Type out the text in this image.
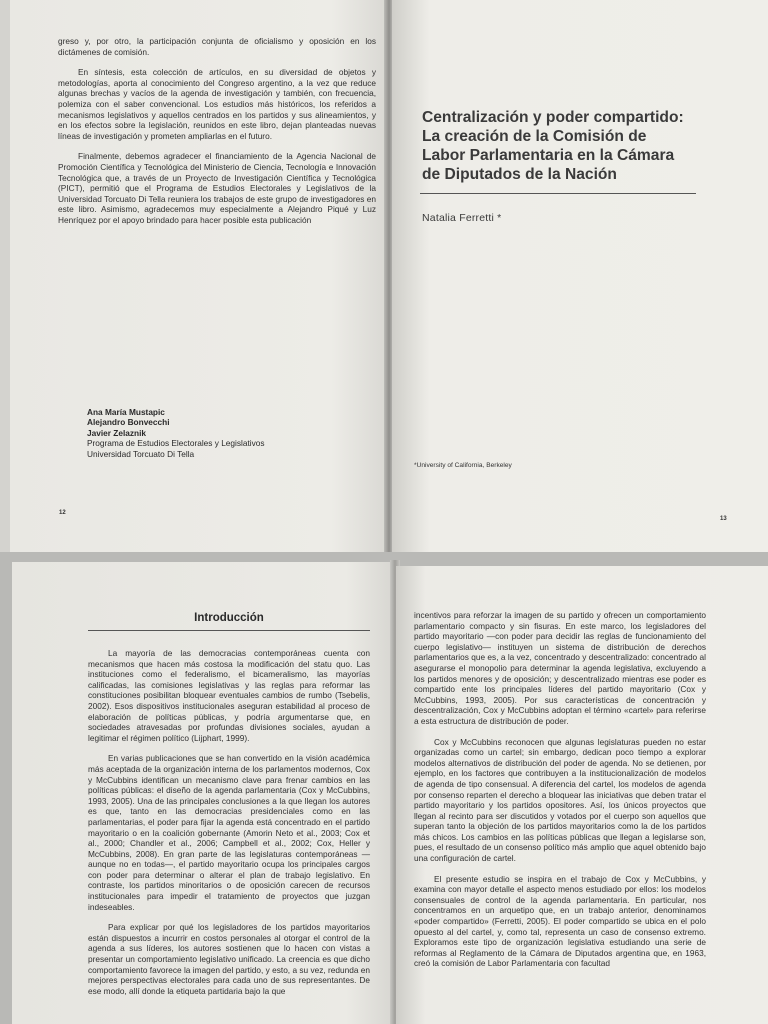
greso y, por otro, la participación conjunta de oficialismo y oposición en los dictámenes de comisión.

En síntesis, esta colección de artículos, en su diversidad de objetos y metodologías, aporta al conocimiento del Congreso argentino, a la vez que reduce algunas brechas y vacíos de la agenda de investigación y también, con frecuencia, polemiza con el saber convencional. Los estudios más históricos, los referidos a mecanismos legislativos y aquellos centrados en los partidos y sus alineamientos, y en los efectos sobre la legislación, reunidos en este libro, dejan planteadas nuevas líneas de investigación y prometen ampliarlas en el futuro.

Finalmente, debemos agradecer el financiamiento de la Agencia Nacional de Promoción Científica y Tecnológica del Ministerio de Ciencia, Tecnología e Innovación Tecnológica que, a través de un Proyecto de Investigación Científica y Tecnológica (PICT), permitió que el Programa de Estudios Electorales y Legislativos de la Universidad Torcuato Di Tella reuniera los trabajos de este grupo de investigadores en este libro. Asimismo, agradecemos muy especialmente a Alejandro Piqué y Luz Henríquez por el apoyo brindado para hacer posible esta publicación

Ana María Mustapic
Alejandro Bonvecchi
Javier Zelaznik
Programa de Estudios Electorales y Legislativos
Universidad Torcuato Di Tella
12
Centralización y poder compartido: La creación de la Comisión de Labor Parlamentaria en la Cámara de Diputados de la Nación
Natalia Ferretti *
*University of California, Berkeley
13
Introducción

La mayoría de las democracias contemporáneas cuenta con mecanismos que hacen más costosa la modificación del statu quo. Las instituciones como el federalismo, el bicameralismo, las mayorías calificadas, las comisiones legislativas y las reglas para reformar las constituciones posibilitan bloquear eventuales cambios de rumbo (Tsebelis, 2002). Esos dispositivos institucionales aseguran estabilidad al proceso de elaboración de políticas públicas, y podría argumentarse que, en sociedades atravesadas por profundas divisiones sociales, ayudan a legitimar el régimen político (Lijphart, 1999).

En varias publicaciones que se han convertido en la visión académica más aceptada de la organización interna de los parlamentos modernos, Cox y McCubbins identifican un mecanismo clave para frenar cambios en las políticas públicas: el diseño de la agenda parlamentaria (Cox y McCubbins, 1993, 2005). Una de las principales conclusiones a la que llegan los autores es que, tanto en las democracias presidenciales como en las parlamentarias, el poder para fijar la agenda está concentrado en el partido mayoritario o en la coalición gobernante (Amorin Neto et al., 2003; Cox et al., 2000; Chandler et al., 2006; Campbell et al., 2002; Cox, Heller y McCubbins, 2008). En gran parte de las legislaturas contemporáneas —aunque no en todas—, el partido mayoritario ocupa los principales cargos con poder para determinar o alterar el plan de trabajo legislativo. En contraste, los partidos minoritarios o de oposición carecen de recursos institucionales para impedir el tratamiento de proyectos que juzgan indeseables.

Para explicar por qué los legisladores de los partidos mayoritarios están dispuestos a incurrir en costos personales al otorgar el control de la agenda a sus líderes, los autores sostienen que lo hacen con vistas a presentar un comportamiento legislativo unificado. La creencia es que dicho comportamiento favorece la imagen del partido, y esto, a su vez, redunda en mejores perspectivas electorales para cada uno de sus representantes. De ese modo, allí donde la etiqueta partidaria bajo la que

incentivos para reforzar la imagen de su partido y ofrecen un comportamiento parlamentario compacto y sin fisuras. En este marco, los legisladores del partido mayoritario —con poder para decidir las reglas de funcionamiento del cuerpo legislativo— instituyen un sistema de distribución de derechos parlamentarios que es, a la vez, concentrado y descentralizado: concentrado al asegurarse el monopolio para determinar la agenda legislativa, excluyendo a los partidos menores y de oposición; y descentralizado mientras ese poder es compartido ente los principales líderes del partido mayoritario (Cox y McCubbins, 1993, 2005). Por sus características de concentración y descentralización, Cox y McCubbins adoptan el término «cartel» para referirse a esta estructura de distribución de poder.

Cox y McCubbins reconocen que algunas legislaturas pueden no estar organizadas como un cartel; sin embargo, dedican poco tiempo a explorar modelos alternativos de distribución del poder de agenda. No se detienen, por ejemplo, en los factores que contribuyen a la institucionalización de modelos de agenda de tipo consensual. A diferencia del cartel, los modelos de agenda por consenso reparten el derecho a bloquear las iniciativas que deben tratar el partido mayoritario y los partidos opositores. Así, los únicos proyectos que llegan al recinto para ser discutidos y votados por el cuerpo son aquellos que superan tanto la objeción de los partidos mayoritarios como la de los partidos más chicos. Los cambios en las políticas públicas que llegan a legislarse son, pues, el resultado de un consenso político más amplio que aquel obtenido bajo una configuración de cartel.

El presente estudio se inspira en el trabajo de Cox y McCubbins, y examina con mayor detalle el aspecto menos estudiado por ellos: los modelos consensuales de control de la agenda parlamentaria. En particular, nos concentramos en un arquetipo que, en un trabajo anterior, denominamos «poder compartido» (Ferretti, 2005). El poder compartido se ubica en el polo opuesto al del cartel, y, como tal, representa un caso de consenso extremo. Exploramos este tipo de organización legislativa estudiando una serie de reformas al Reglamento de la Cámara de Diputados argentina que, en 1963, creó la comisión de Labor Parlamentaria con facultad
